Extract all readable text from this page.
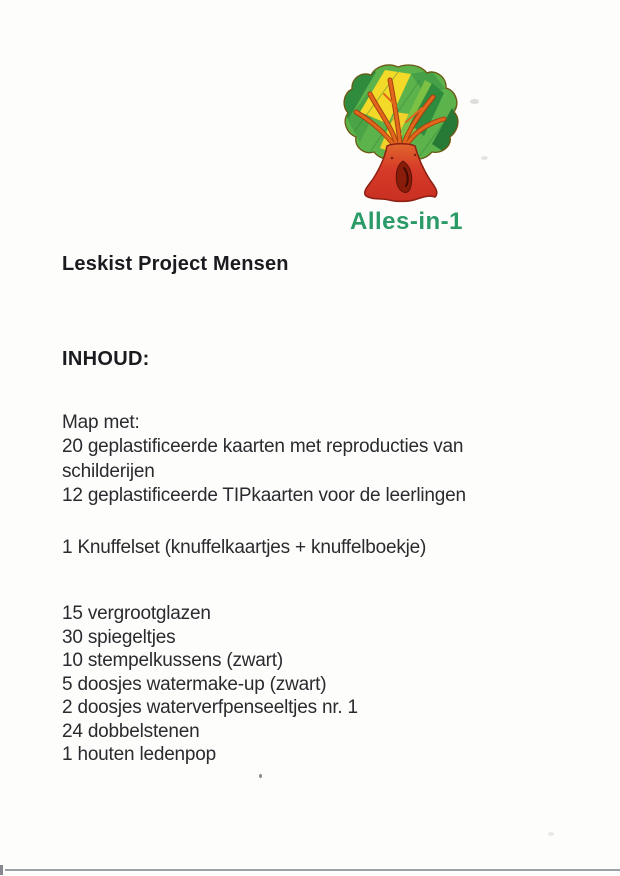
Alles-in-1
Leskist Project Mensen
INHOUD:
Map met:
20 geplastificeerde kaarten met reproducties van
schilderijen
12 geplastificeerde TIPkaarten voor de leerlingen
1 Knuffelset (knuffelkaartjes + knuffelboekje)
15 vergrootglazen
30 spiegeltjes
10 stempelkussens (zwart)
5 doosjes watermake-up (zwart)
2 doosjes waterverfpenseeltjes nr. 1
24 dobbelstenen
1 houten ledenpop
